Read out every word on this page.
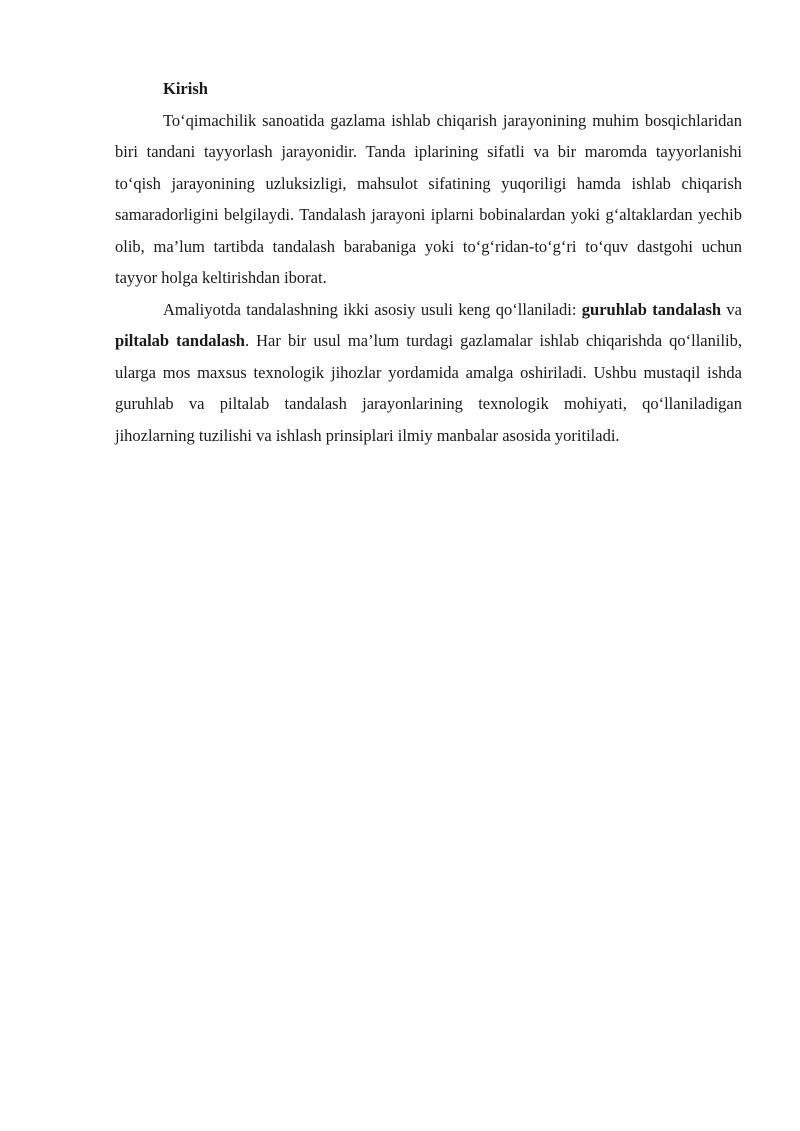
Kirish

To‘qimachilik sanoatida gazlama ishlab chiqarish jarayonining muhim bosqichlaridan biri tandani tayyorlash jarayonidir. Tanda iplarining sifatli va bir maromda tayyorlanishi to‘qish jarayonining uzluksizligi, mahsulot sifatining yuqoriligi hamda ishlab chiqarish samaradorligini belgilaydi. Tandalash jarayoni iplarni bobinalardan yoki g‘altaklardan yechib olib, ma’lum tartibda tandalash barabaniga yoki to‘g‘ridan-to‘g‘ri to‘quv dastgohi uchun tayyor holga keltirishdan iborat.

Amaliyotda tandalashning ikki asosiy usuli keng qo‘llaniladi: guruhlab tandalash va piltalab tandalash. Har bir usul ma’lum turdagi gazlamalar ishlab chiqarishda qo‘llanilib, ularga mos maxsus texnologik jihozlar yordamida amalga oshiriladi. Ushbu mustaqil ishda guruhlab va piltalab tandalash jarayonlarining texnologik mohiyati, qo‘llaniladigan jihozlarning tuzilishi va ishlash prinsiplari ilmiy manbalar asosida yoritiladi.
